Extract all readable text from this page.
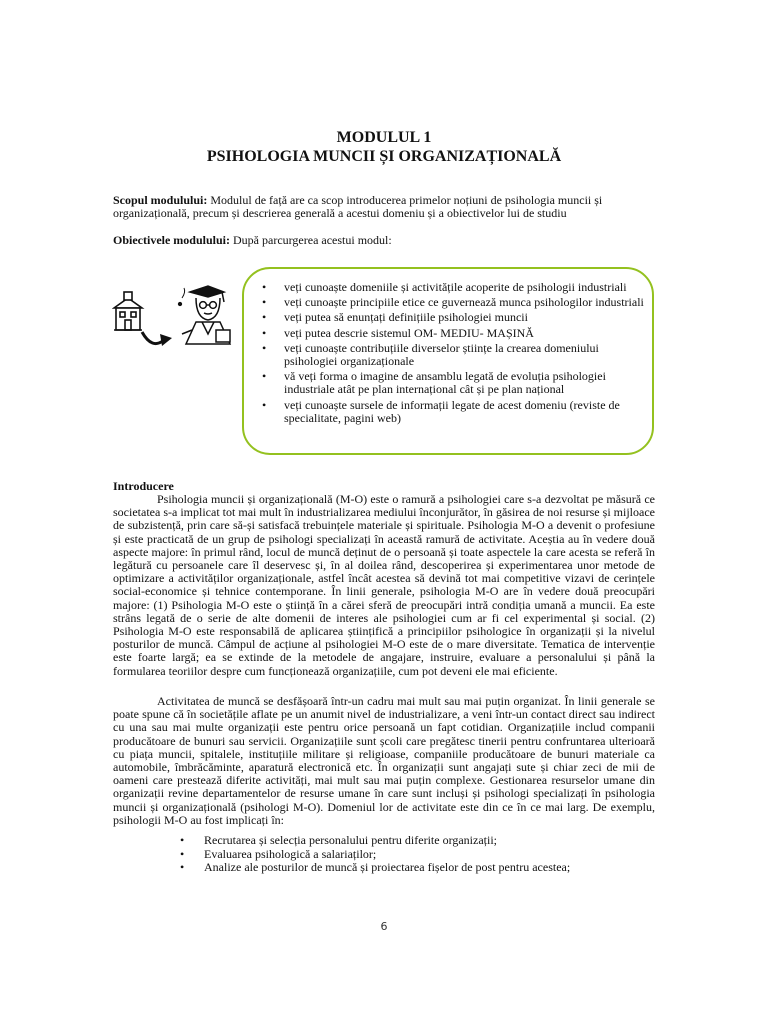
MODULUL 1
PSIHOLOGIA MUNCII ȘI ORGANIZAȚIONALĂ

Scopul modulului: Modulul de față are ca scop introducerea primelor noțiuni de psihologia muncii și organizațională, precum și descrierea generală a acestui domeniu și a obiectivelor lui de studiu

Obiectivele modulului: După parcurgerea acestui modul:

• veți cunoaște domeniile și activitățile acoperite de psihologii industriali
• veți cunoaște principiile etice ce guvernează munca psihologilor industriali
• veți putea să enunțați definițiile psihologiei muncii
• veți putea descrie sistemul OM- MEDIU- MAȘINĂ
• veți cunoaște contribuțiile diverselor științe la crearea domeniului psihologiei organizaționale
• vă veți forma o imagine de ansamblu legată de evoluția psihologiei industriale atât pe plan internațional cât și pe plan național
• veți cunoaște sursele de informații legate de acest domeniu (reviste de specialitate, pagini web)
Introducere

Psihologia muncii și organizațională (M-O) este o ramură a psihologiei care s-a dezvoltat pe măsură ce societatea s-a implicat tot mai mult în industrializarea mediului înconjurător, în găsirea de noi resurse și mijloace de subzistență, prin care să-și satisfacă trebuințele materiale și spirituale. Psihologia M-O a devenit o profesiune și este practicată de un grup de psihologi specializați în această ramură de activitate. Aceștia au în vedere două aspecte majore: în primul rând, locul de muncă deținut de o persoană și toate aspectele la care acesta se referă în legătură cu persoanele care îl deservesc și, în al doilea rând, descoperirea și experimentarea unor metode de optimizare a activităților organizaționale, astfel încât acestea să devină tot mai competitive vizavi de cerințele social-economice și tehnice contemporane. În linii generale, psihologia M-O are în vedere două preocupări majore: (1) Psihologia M-O este o știință în a cărei sferă de preocupări intră condiția umană a muncii. Ea este strâns legată de o serie de alte domenii de interes ale psihologiei cum ar fi cel experimental și social. (2) Psihologia M-O este responsabilă de aplicarea științifică a principiilor psihologice în organizații și la nivelul posturilor de muncă. Câmpul de acțiune al psihologiei M-O este de o mare diversitate. Tematica de intervenție este foarte largă; ea se extinde de la metodele de angajare, instruire, evaluare a personalului și până la formularea teoriilor despre cum funcționează organizațiile, cum pot deveni ele mai eficiente.

Activitatea de muncă se desfășoară într-un cadru mai mult sau mai puțin organizat. În linii generale se poate spune că în societățile aflate pe un anumit nivel de industrializare, a veni într-un contact direct sau indirect cu una sau mai multe organizații este pentru orice persoană un fapt cotidian. Organizațiile includ companii producătoare de bunuri sau servicii. Organizațiile sunt școli care pregătesc tinerii pentru confruntarea ulterioară cu piața muncii, spitalele, instituțiile militare și religioase, companiile producătoare de bunuri materiale ca automobile, îmbrăcăminte, aparatură electronică etc. În organizații sunt angajați sute și chiar zeci de mii de oameni care prestează diferite activități, mai mult sau mai puțin complexe. Gestionarea resurselor umane din organizații revine departamentelor de resurse umane în care sunt incluși și psihologi specializați în psihologia muncii și organizațională (psihologi M-O). Domeniul lor de activitate este din ce în ce mai larg. De exemplu, psihologii M-O au fost implicați în:

• Recrutarea și selecția personalului pentru diferite organizații;
• Evaluarea psihologică a salariaților;
• Analize ale posturilor de muncă și proiectarea fișelor de post pentru acestea;
6
